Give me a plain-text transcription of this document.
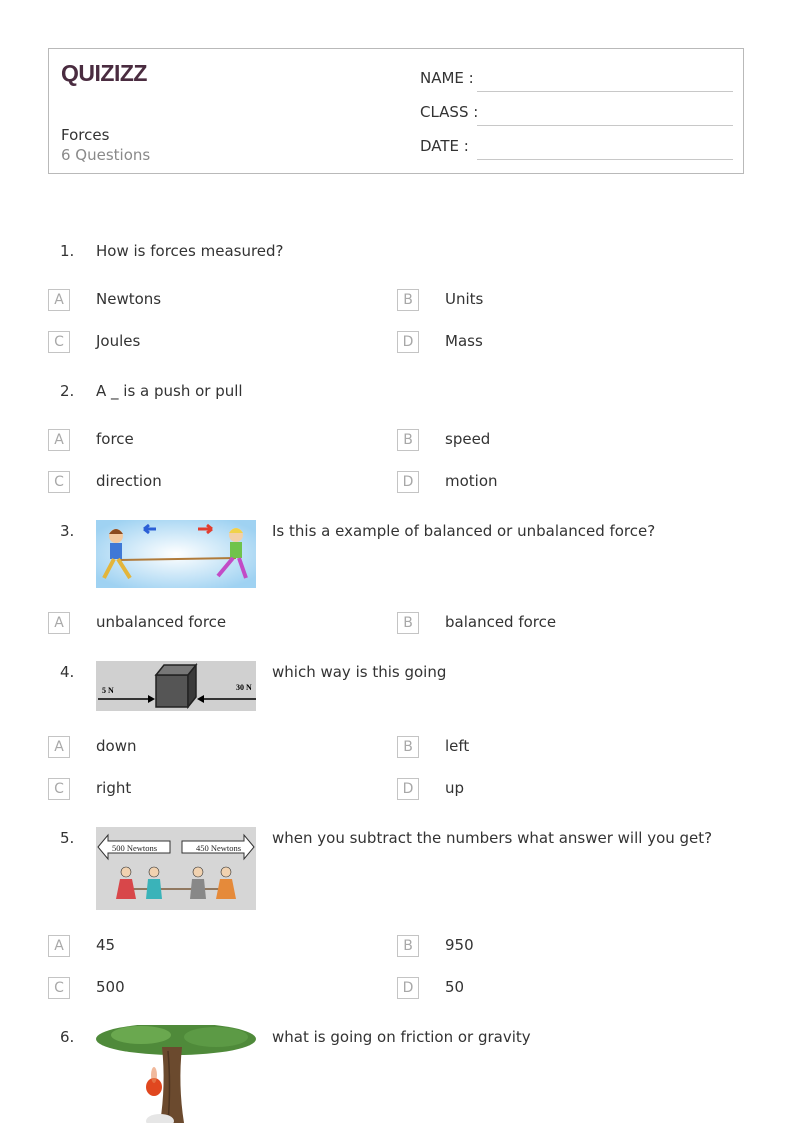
QUIZIZZ
Forces
6 Questions
NAME :
CLASS :
DATE :
1. How is forces measured?
A	Newtons	B	Units
C	Joules	D	Mass
2. A _ is a push or pull
A	force	B	speed
C	direction	D	motion
3.	Is this a example of balanced or unbalanced force?
A	unbalanced force	B	balanced force
4.
5 N	30 N
which way is this going
A	down	B	left
C	right	D	up
5.
500 Newtons	450 Newtons
when you subtract the numbers what answer will you get?
A	45	B	950
C	500	D	50
6.	what is going on friction or gravity
